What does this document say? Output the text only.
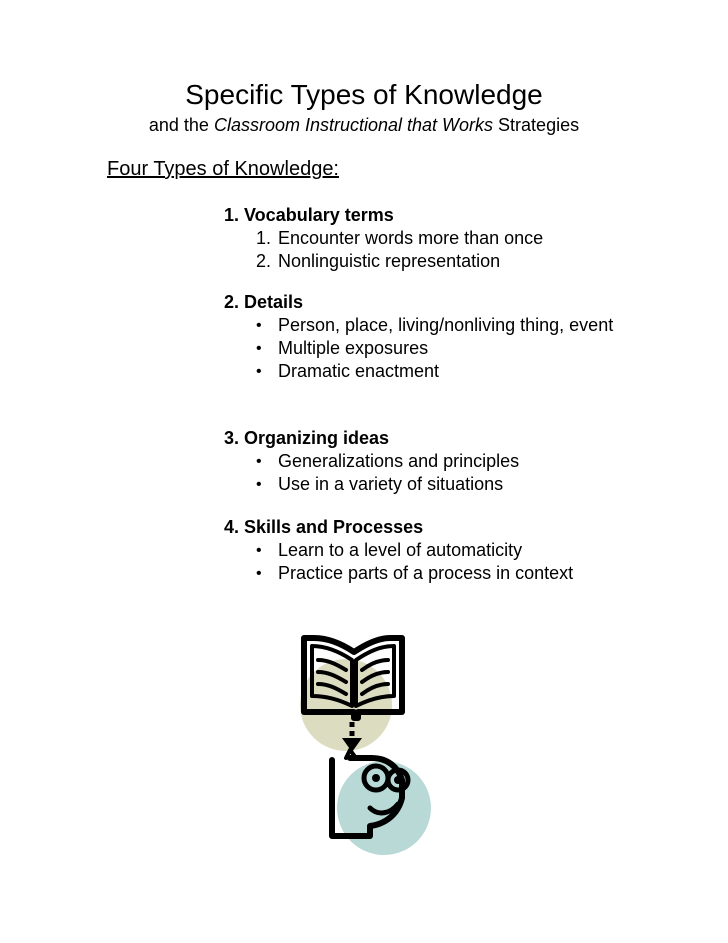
Specific Types of Knowledge
and the Classroom Instructional that Works Strategies
Four Types of Knowledge:
1. Vocabulary terms
1. Encounter words more than once
2. Nonlinguistic representation
2. Details
• Person, place, living/nonliving thing, event
• Multiple exposures
• Dramatic enactment
3. Organizing ideas
• Generalizations and principles
• Use in a variety of situations
4. Skills and Processes
• Learn to a level of automaticity
• Practice parts of a process in context
